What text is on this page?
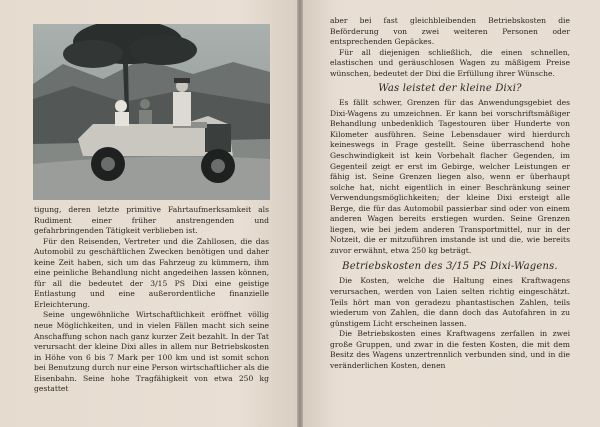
tigung, deren letzte primitive Fahrtaufmerksamkeit als Rudiment einer früher anstrengenden und gefahrbringenden Tätigkeit verblieben ist.

Für den Reisenden, Vertreter und die Zahllosen, die das Automobil zu geschäftlichen Zwecken benötigen und daher keine Zeit haben, sich um das Fahrzeug zu kümmern, ihm eine peinliche Behandlung nicht angedeihen lassen können, für all die bedeutet der 3/15 PS Dixi eine geistige Entlastung und eine außerordentliche finanzielle Erleichterung.

Seine ungewöhnliche Wirtschaftlichkeit eröffnet völlig neue Möglichkeiten, und in vielen Fällen macht sich seine Anschaffung schon nach ganz kurzer Zeit bezahlt. In der Tat verursacht der kleine Dixi alles in allem nur Betriebskosten in Höhe von 6 bis 7 Mark per 100 km und ist somit schon bei Benutzung durch nur eine Person wirtschaftlicher als die Eisenbahn. Seine hohe Tragfähigkeit von etwa 250 kg gestattet

aber bei fast gleichbleibenden Betriebskosten die Beförderung von zwei weiteren Personen oder entsprechenden Gepäckes.

Für all diejenigen schließlich, die einen schnellen, elastischen und geräuschlosen Wagen zu mäßigem Preise wünschen, bedeutet der Dixi die Erfüllung ihrer Wünsche.

Was leistet der kleine Dixi?

Es fällt schwer, Grenzen für das Anwendungsgebiet des Dixi-Wagens zu umzeichnen. Er kann bei vorschriftsmäßiger Behandlung unbedenklich Tagestouren über Hunderte von Kilometer ausführen. Seine Lebensdauer wird hierdurch keineswegs in Frage gestellt. Seine überraschend hohe Geschwindigkeit ist kein Vorbehalt flacher Gegenden, im Gegenteil zeigt er erst im Gebirge, welcher Leistungen er fähig ist. Seine Grenzen liegen also, wenn er überhaupt solche hat, nicht eigentlich in einer Beschränkung seiner Verwendungsmöglichkeiten; der kleine Dixi ersteigt alle Berge, die für das Automobil passierbar sind oder von einem anderen Wagen bereits erstiegen wurden. Seine Grenzen liegen, wie bei jedem anderen Transportmittel, nur in der Notzeit, die er mitzuführen imstande ist und die, wie bereits zuvor erwähnt, etwa 250 kg beträgt.

Betriebskosten des 3/15 PS Dixi-Wagens.

Die Kosten, welche die Haltung eines Kraftwagens verursachen, werden von Laien selten richtig eingeschätzt. Teils hört man von geradezu phantastischen Zahlen, teils wiederum von Zahlen, die dann doch das Autofahren in zu günstigem Licht erscheinen lassen.

Die Betriebskosten eines Kraftwagens zerfallen in zwei große Gruppen, und zwar in die festen Kosten, die mit dem Besitz des Wagens unzertrennlich verbunden sind, und in die veränderlichen Kosten, denen
